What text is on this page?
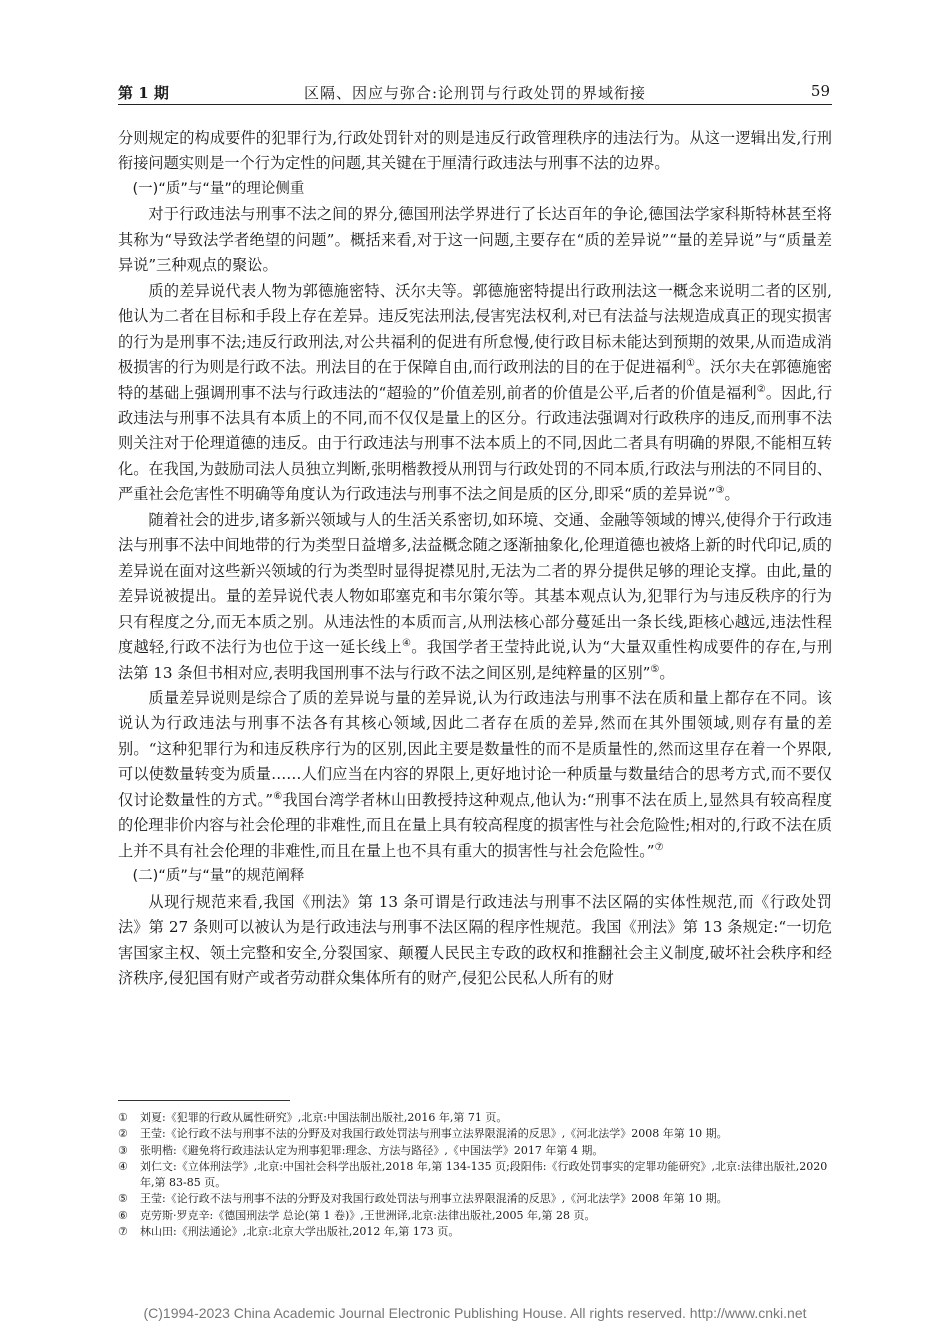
第 1 期	区隔、因应与弥合:论刑罚与行政处罚的界域衔接	59

分则规定的构成要件的犯罪行为,行政处罚针对的则是违反行政管理秩序的违法行为。从这一逻辑出发,行刑衔接问题实则是一个行为定性的问题,其关键在于厘清行政违法与刑事不法的边界。

(一)“质”与“量”的理论侧重

对于行政违法与刑事不法之间的界分,德国刑法学界进行了长达百年的争论,德国法学家科斯特林甚至将其称为“导致法学者绝望的问题”。概括来看,对于这一问题,主要存在“质的差异说”“量的差异说”与“质量差异说”三种观点的聚讼。

质的差异说代表人物为郭德施密特、沃尔夫等。郭德施密特提出行政刑法这一概念来说明二者的区别,他认为二者在目标和手段上存在差异。违反宪法刑法,侵害宪法权利,对已有法益与法规造成真正的现实损害的行为是刑事不法;违反行政刑法,对公共福利的促进有所怠慢,使行政目标未能达到预期的效果,从而造成消极损害的行为则是行政不法。刑法目的在于保障自由,而行政刑法的目的在于促进福利①。沃尔夫在郭德施密特的基础上强调刑事不法与行政违法的“超验的”价值差别,前者的价值是公平,后者的价值是福利②。因此,行政违法与刑事不法具有本质上的不同,而不仅仅是量上的区分。行政违法强调对行政秩序的违反,而刑事不法则关注对于伦理道德的违反。由于行政违法与刑事不法本质上的不同,因此二者具有明确的界限,不能相互转化。在我国,为鼓励司法人员独立判断,张明楷教授从刑罚与行政处罚的不同本质,行政法与刑法的不同目的、严重社会危害性不明确等角度认为行政违法与刑事不法之间是质的区分,即采“质的差异说”③。

随着社会的进步,诸多新兴领域与人的生活关系密切,如环境、交通、金融等领域的博兴,使得介于行政违法与刑事不法中间地带的行为类型日益增多,法益概念随之逐渐抽象化,伦理道德也被烙上新的时代印记,质的差异说在面对这些新兴领域的行为类型时显得捉襟见肘,无法为二者的界分提供足够的理论支撑。由此,量的差异说被提出。量的差异说代表人物如耶塞克和韦尔策尔等。其基本观点认为,犯罪行为与违反秩序的行为只有程度之分,而无本质之别。从违法性的本质而言,从刑法核心部分蔓延出一条长线,距核心越远,违法性程度越轻,行政不法行为也位于这一延长线上④。我国学者王莹持此说,认为“大量双重性构成要件的存在,与刑法第 13 条但书相对应,表明我国刑事不法与行政不法之间区别,是纯粹量的区别”⑤。

质量差异说则是综合了质的差异说与量的差异说,认为行政违法与刑事不法在质和量上都存在不同。该说认为行政违法与刑事不法各有其核心领域,因此二者存在质的差异,然而在其外围领域,则存有量的差别。“这种犯罪行为和违反秩序行为的区别,因此主要是数量性的而不是质量性的,然而这里存在着一个界限,可以使数量转变为质量……人们应当在内容的界限上,更好地讨论一种质量与数量结合的思考方式,而不要仅仅讨论数量性的方式。”⑥我国台湾学者林山田教授持这种观点,他认为:“刑事不法在质上,显然具有较高程度的伦理非价内容与社会伦理的非难性,而且在量上具有较高程度的损害性与社会危险性;相对的,行政不法在质上并不具有社会伦理的非难性,而且在量上也不具有重大的损害性与社会危险性。”⑦

(二)“质”与“量”的规范阐释

从现行规范来看,我国《刑法》第 13 条可谓是行政违法与刑事不法区隔的实体性规范,而《行政处罚法》第 27 条则可以被认为是行政违法与刑事不法区隔的程序性规范。我国《刑法》第 13 条规定:“一切危害国家主权、领土完整和安全,分裂国家、颠覆人民民主专政的政权和推翻社会主义制度,破坏社会秩序和经济秩序,侵犯国有财产或者劳动群众集体所有的财产,侵犯公民私人所有的财

①	刘夏:《犯罪的行政从属性研究》,北京:中国法制出版社,2016 年,第 71 页。
②	王莹:《论行政不法与刑事不法的分野及对我国行政处罚法与刑事立法界限混淆的反思》,《河北法学》2008 年第 10 期。
③	张明楷:《避免将行政违法认定为刑事犯罪:理念、方法与路径》,《中国法学》2017 年第 4 期。
④	刘仁文:《立体刑法学》,北京:中国社会科学出版社,2018 年,第 134-135 页;段阳伟:《行政处罚事实的定罪功能研究》,北京:法律出版社,2020 年,第 83-85 页。
⑤	王莹:《论行政不法与刑事不法的分野及对我国行政处罚法与刑事立法界限混淆的反思》,《河北法学》2008 年第 10 期。
⑥	克劳斯·罗克辛:《德国刑法学 总论(第 1 卷)》,王世洲译,北京:法律出版社,2005 年,第 28 页。
⑦	林山田:《刑法通论》,北京:北京大学出版社,2012 年,第 173 页。
(C)1994-2023 China Academic Journal Electronic Publishing House. All rights reserved. http://www.cnki.net
